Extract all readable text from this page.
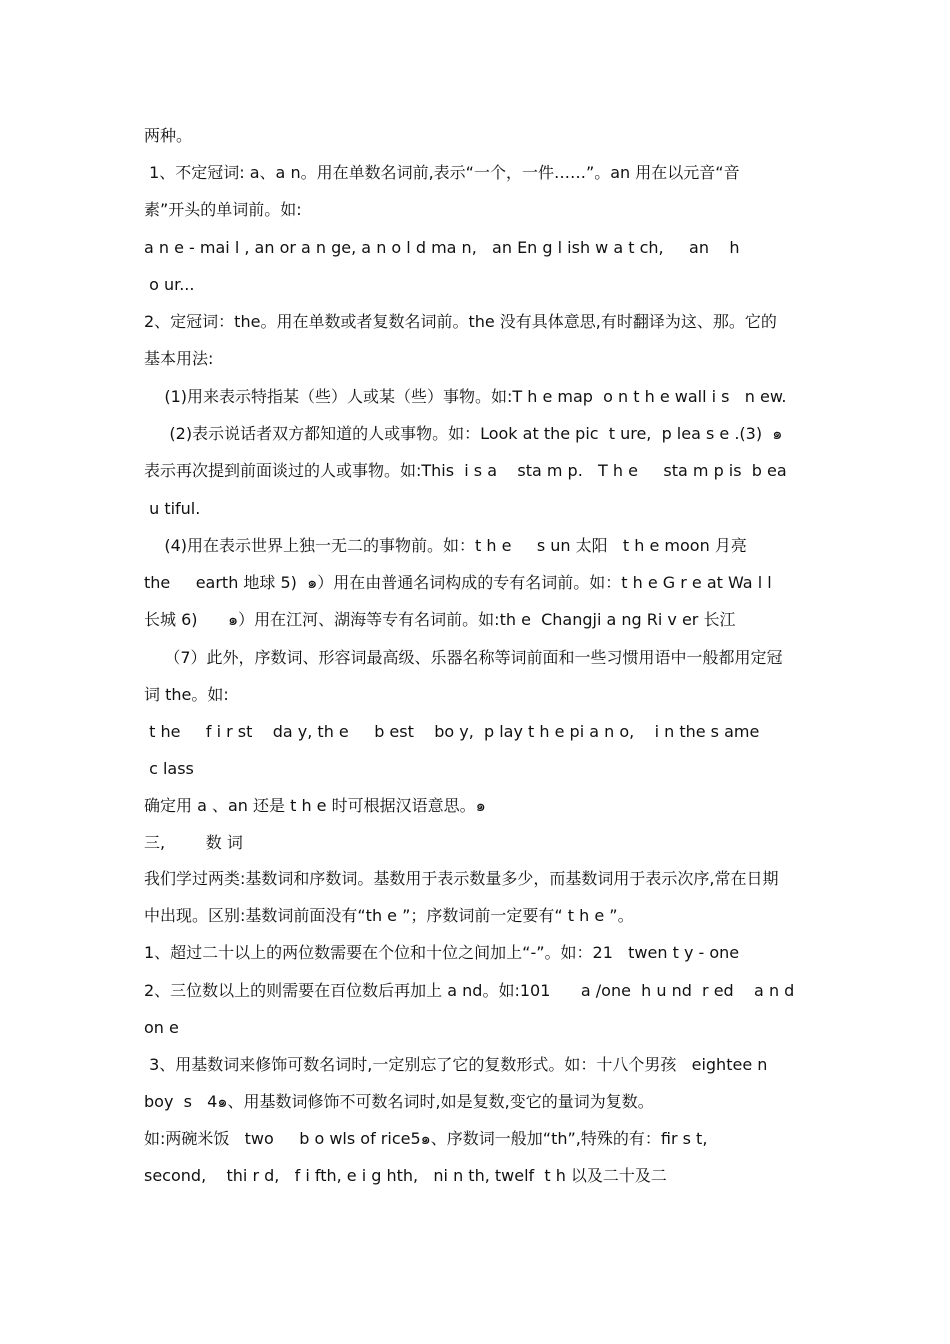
两种。
1、不定冠词: a、a n。用在单数名词前,表示“一个，一件……”。an 用在以元音“音
素”开头的单词前。如:
a n e - mai l , an or a n ge, a n o l d ma n,   an En g l ish w a t ch,     an    h
o ur...
2、定冠词：the。用在单数或者复数名词前。the 没有具体意思,有时翻译为这、那。它的
基本用法:
(1)用来表示特指某（些）人或某（些）事物。如:T h e map  o n t h e wall i s   n ew.
(2)表示说话者双方都知道的人或事物。如：Look at the pic  t ure,  p lea s e .(3)  ๑
表示再次提到前面谈过的人或事物。如:This  i s a    sta m p.   T h e     sta m p is  b ea
u tiful.
(4)用在表示世界上独一无二的事物前。如：t h e     s un 太阳   t h e moon 月亮
the     earth 地球 5)  ๑）用在由普通名词构成的专有名词前。如：t h e G r e at Wa l l
长城 6)      ๑）用在江河、湖海等专有名词前。如:th e  Changji a ng Ri v er 长江
（7）此外，序数词、形容词最高级、乐器名称等词前面和一些习惯用语中一般都用定冠
词 the。如:
t he     f i r st    da y, th e     b est    bo y,  p lay t h e pi a n o,    i n the s ame
c lass
确定用 a 、an 还是 t h e 时可根据汉语意思。๑
三,        数 词
我们学过两类:基数词和序数词。基数用于表示数量多少，而基数词用于表示次序,常在日期
中出现。区别:基数词前面没有“th e ”；序数词前一定要有“ t h e ”。
1、超过二十以上的两位数需要在个位和十位之间加上“-”。如：21   twen t y - one
2、三位数以上的则需要在百位数后再加上 a nd。如:101      a /one  h u nd  r ed    a n d
on e
3、用基数词来修饰可数名词时,一定别忘了它的复数形式。如：十八个男孩   eightee n
boy  s   4๑、用基数词修饰不可数名词时,如是复数,变它的量词为复数。
如:两碗米饭   two     b o wls of rice5๑、序数词一般加“th”,特殊的有：fir s t,
second,    thi r d,   f i fth, e i g hth,   ni n th, twelf  t h 以及二十及二
